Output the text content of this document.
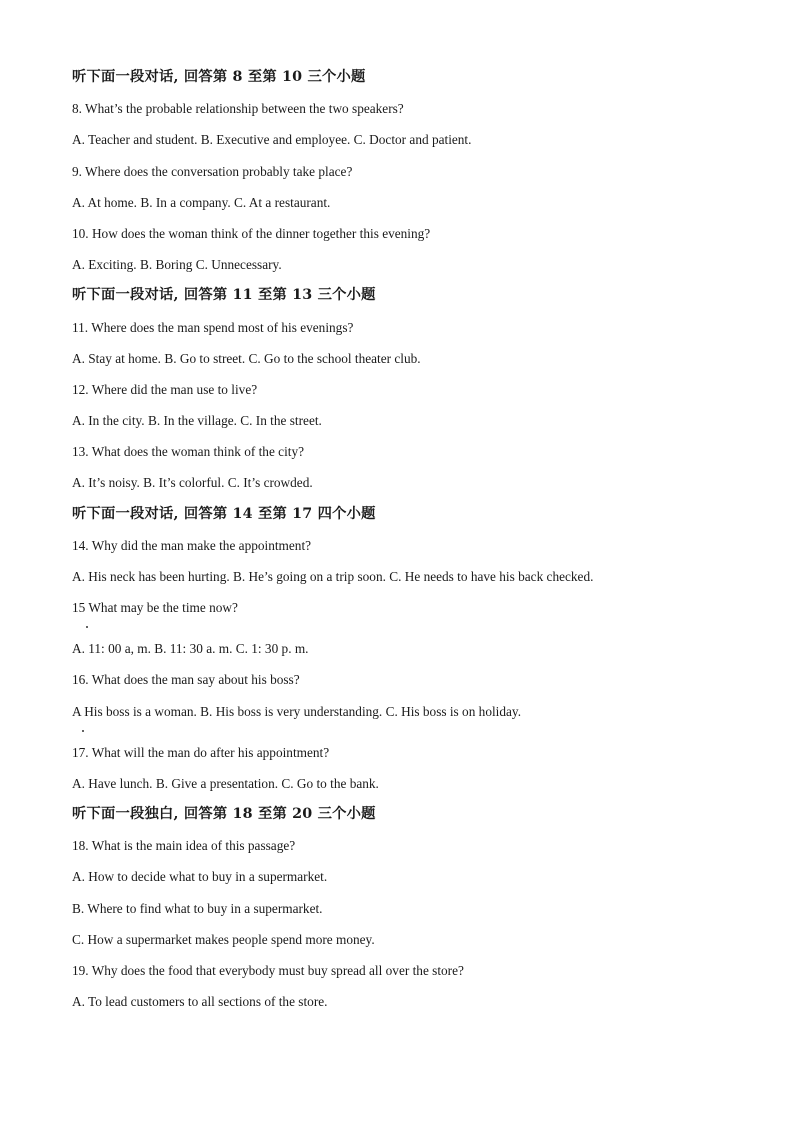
听下面一段对话, 回答第 8 至第 10 三个小题
8. What’s the probable relationship between the two speakers?
A. Teacher and student. B. Executive and employee. C. Doctor and patient.
9. Where does the conversation probably take place?
A. At home. B. In a company. C. At a restaurant.
10. How does the woman think of the dinner together this evening?
A. Exciting. B. Boring C. Unnecessary.
听下面一段对话, 回答第 11 至第 13 三个小题
11. Where does the man spend most of his evenings?
A. Stay at home. B. Go to street. C. Go to the school theater club.
12. Where did the man use to live?
A. In the city. B. In the village. C. In the street.
13. What does the woman think of the city?
A. It’s noisy. B. It’s colorful. C. It’s crowded.
听下面一段对话, 回答第 14 至第 17 四个小题
14. Why did the man make the appointment?
A. His neck has been hurting. B. He’s going on a trip soon. C. He needs to have his back checked.
15 What may be the time now?
A. 11: 00 a, m. B. 11: 30 a. m. C. 1: 30 p. m.
16. What does the man say about his boss?
A His boss is a woman. B. His boss is very understanding. C. His boss is on holiday.
17. What will the man do after his appointment?
A. Have lunch. B. Give a presentation. C. Go to the bank.
听下面一段独白, 回答第 18 至第 20 三个小题
18. What is the main idea of this passage?
A. How to decide what to buy in a supermarket.
B. Where to find what to buy in a supermarket.
C. How a supermarket makes people spend more money.
19. Why does the food that everybody must buy spread all over the store?
A. To lead customers to all sections of the store.
